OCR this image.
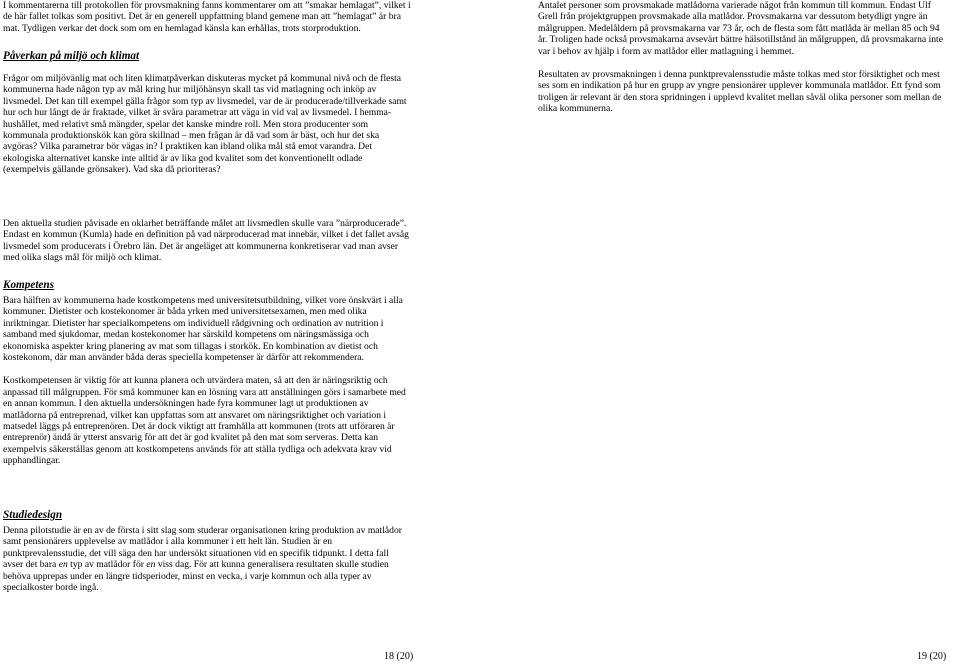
I kommentarerna till protokollen för provsmakning fanns kommentarer om att ”smakar hemlagat”, vilket i de här fallet tolkas som positivt. Det är en generell uppfattning bland gemene man att ”hemlagat” är bra mat. Tydligen verkar det dock som om en hemlagad känsla kan erhållas, trots storproduktion.

Påverkan på miljö och klimat

Frågor om miljövänlig mat och liten klimatpåverkan diskuteras mycket på kommunal nivå och de flesta kommunerna hade någon typ av mål kring hur miljöhänsyn skall tas vid matlagning och inköp av livsmedel. Det kan till exempel gälla frågor som typ av livsmedel, var de är producerade/tillverkade samt hur och hur långt de är fraktade, vilket är svåra parametrar att väga in vid val av livsmedel. I hemma-hushållet, med relativt små mängder, spelar det kanske mindre roll. Men stora producenter som kommunala produktionskök kan göra skillnad – men frågan är då vad som är bäst, och hur det ska avgöras? Vilka parametrar bör vägas in? I praktiken kan ibland olika mål stå emot varandra. Det ekologiska alternativet kanske inte alltid är av lika god kvalitet som det konventionellt odlade (exempelvis gällande grönsaker). Vad ska då prioriteras?

Den aktuella studien påvisade en oklarhet beträffande målet att livsmedlen skulle vara ”närproducerade”. Endast en kommun (Kumla) hade en definition på vad närproducerad mat innebär, vilket i det fallet avsåg livsmedel som producerats i Örebro län. Det är angeläget att kommunerna konkretiserar vad man avser med olika slags mål för miljö och klimat.

Kompetens

Bara hälften av kommunerna hade kostkompetens med universitetsutbildning, vilket vore önskvärt i alla kommuner. Dietister och kostekonomer är båda yrken med universitetsexamen, men med olika inriktningar. Dietister har specialkompetens om individuell rådgivning och ordination av nutrition i samband med sjukdomar, medan kostekonomer har särskild kompetens om näringsmässiga och ekonomiska aspekter kring planering av mat som tillagas i storkök. En kombination av dietist och kostekonom, där man använder båda deras speciella kompetenser är därför att rekommendera.

Kostkompetensen är viktig för att kunna planera och utvärdera maten, så att den är näringsriktig och anpassad till målgruppen. För små kommuner kan en lösning vara att anställningen görs i samarbete med en annan kommun. I den aktuella undersökningen hade fyra kommuner lagt ut produktionen av matlådorna på entreprenad, vilket kan uppfattas som att ansvaret om näringsriktighet och variation i matsedel läggs på entreprenören. Det är dock viktigt att framhålla att kommunen (trots att utföraren är entreprenör) ändå är ytterst ansvarig för att det är god kvalitet på den mat som serveras. Detta kan exempelvis säkerställas genom att kostkompetens används för att ställa tydliga och adekvata krav vid upphandlingar.

Studiedesign

Denna pilotstudie är en av de första i sitt slag som studerar organisationen kring produktion av matlådor samt pensionärers upplevelse av matlådor i alla kommuner i ett helt län. Studien är en punktprevalensstudie, det vill säga den har undersökt situationen vid en specifik tidpunkt. I detta fall avser det bara en typ av matlådor för en viss dag. För att kunna generalisera resultaten skulle studien behöva upprepas under en längre tidsperioder, minst en vecka, i varje kommun och alla typer av specialkoster borde ingå.

18 (20)

Antalet personer som provsmakade matlådorna varierade något från kommun till kommun. Endast Ulf Grell från projektgruppen provsmakade alla matlådor. Provsmakarna var dessutom betydligt yngre än målgruppen. Medelåldern på provsmakarna var 73 år, och de flesta som fått matlåda är mellan 85 och 94 år. Troligen hade också provsmakarna avsevärt bättre hälsotillstånd än målgruppen, då provsmakarna inte var i behov av hjälp i form av matlådor eller matlagning i hemmet.

Resultaten av provsmakningen i denna punktprevalensstudie måste tolkas med stor försiktighet och mest ses som en indikation på hur en grupp av yngre pensionärer upplever kommunala matlådor. Ett fynd som troligen är relevant är den stora spridningen i upplevd kvalitet mellan såväl olika personer som mellan de olika kommunerna.

19 (20)
